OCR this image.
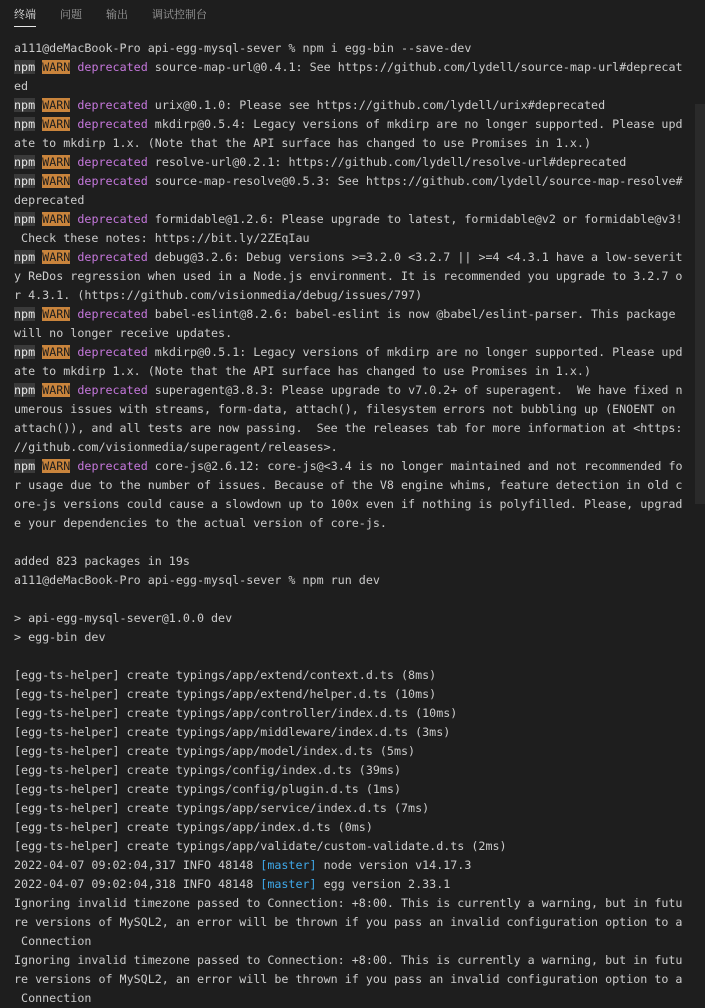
终端 问题 输出 调试控制台
a111@deMacBook-Pro api-egg-mysql-sever % npm i egg-bin --save-dev
npm WARN deprecated source-map-url@0.4.1: See https://github.com/lydell/source-map-url#deprecat
ed
npm WARN deprecated urix@0.1.0: Please see https://github.com/lydell/urix#deprecated
npm WARN deprecated mkdirp@0.5.4: Legacy versions of mkdirp are no longer supported. Please upd
ate to mkdirp 1.x. (Note that the API surface has changed to use Promises in 1.x.)
npm WARN deprecated resolve-url@0.2.1: https://github.com/lydell/resolve-url#deprecated
npm WARN deprecated source-map-resolve@0.5.3: See https://github.com/lydell/source-map-resolve#
deprecated
npm WARN deprecated formidable@1.2.6: Please upgrade to latest, formidable@v2 or formidable@v3!
Check these notes: https://bit.ly/2ZEqIau
npm WARN deprecated debug@3.2.6: Debug versions >=3.2.0 <3.2.7 || >=4 <4.3.1 have a low-severit
y ReDos regression when used in a Node.js environment. It is recommended you upgrade to 3.2.7 o
r 4.3.1. (https://github.com/visionmedia/debug/issues/797)
npm WARN deprecated babel-eslint@8.2.6: babel-eslint is now @babel/eslint-parser. This package
will no longer receive updates.
npm WARN deprecated mkdirp@0.5.1: Legacy versions of mkdirp are no longer supported. Please upd
ate to mkdirp 1.x. (Note that the API surface has changed to use Promises in 1.x.)
npm WARN deprecated superagent@3.8.3: Please upgrade to v7.0.2+ of superagent.  We have fixed n
umerous issues with streams, form-data, attach(), filesystem errors not bubbling up (ENOENT on
attach()), and all tests are now passing.  See the releases tab for more information at <https:
//github.com/visionmedia/superagent/releases>.
npm WARN deprecated core-js@2.6.12: core-js@<3.4 is no longer maintained and not recommended fo
r usage due to the number of issues. Because of the V8 engine whims, feature detection in old c
ore-js versions could cause a slowdown up to 100x even if nothing is polyfilled. Please, upgrad
e your dependencies to the actual version of core-js.
added 823 packages in 19s
a111@deMacBook-Pro api-egg-mysql-sever % npm run dev
> api-egg-mysql-sever@1.0.0 dev
> egg-bin dev
[egg-ts-helper] create typings/app/extend/context.d.ts (8ms)
[egg-ts-helper] create typings/app/extend/helper.d.ts (10ms)
[egg-ts-helper] create typings/app/controller/index.d.ts (10ms)
[egg-ts-helper] create typings/app/middleware/index.d.ts (3ms)
[egg-ts-helper] create typings/app/model/index.d.ts (5ms)
[egg-ts-helper] create typings/config/index.d.ts (39ms)
[egg-ts-helper] create typings/config/plugin.d.ts (1ms)
[egg-ts-helper] create typings/app/service/index.d.ts (7ms)
[egg-ts-helper] create typings/app/index.d.ts (0ms)
[egg-ts-helper] create typings/app/validate/custom-validate.d.ts (2ms)
2022-04-07 09:02:04,317 INFO 48148 [master] node version v14.17.3
2022-04-07 09:02:04,318 INFO 48148 [master] egg version 2.33.1
Ignoring invalid timezone passed to Connection: +8:00. This is currently a warning, but in futu
re versions of MySQL2, an error will be thrown if you pass an invalid configuration option to a
Connection
Ignoring invalid timezone passed to Connection: +8:00. This is currently a warning, but in futu
re versions of MySQL2, an error will be thrown if you pass an invalid configuration option to a
Connection
